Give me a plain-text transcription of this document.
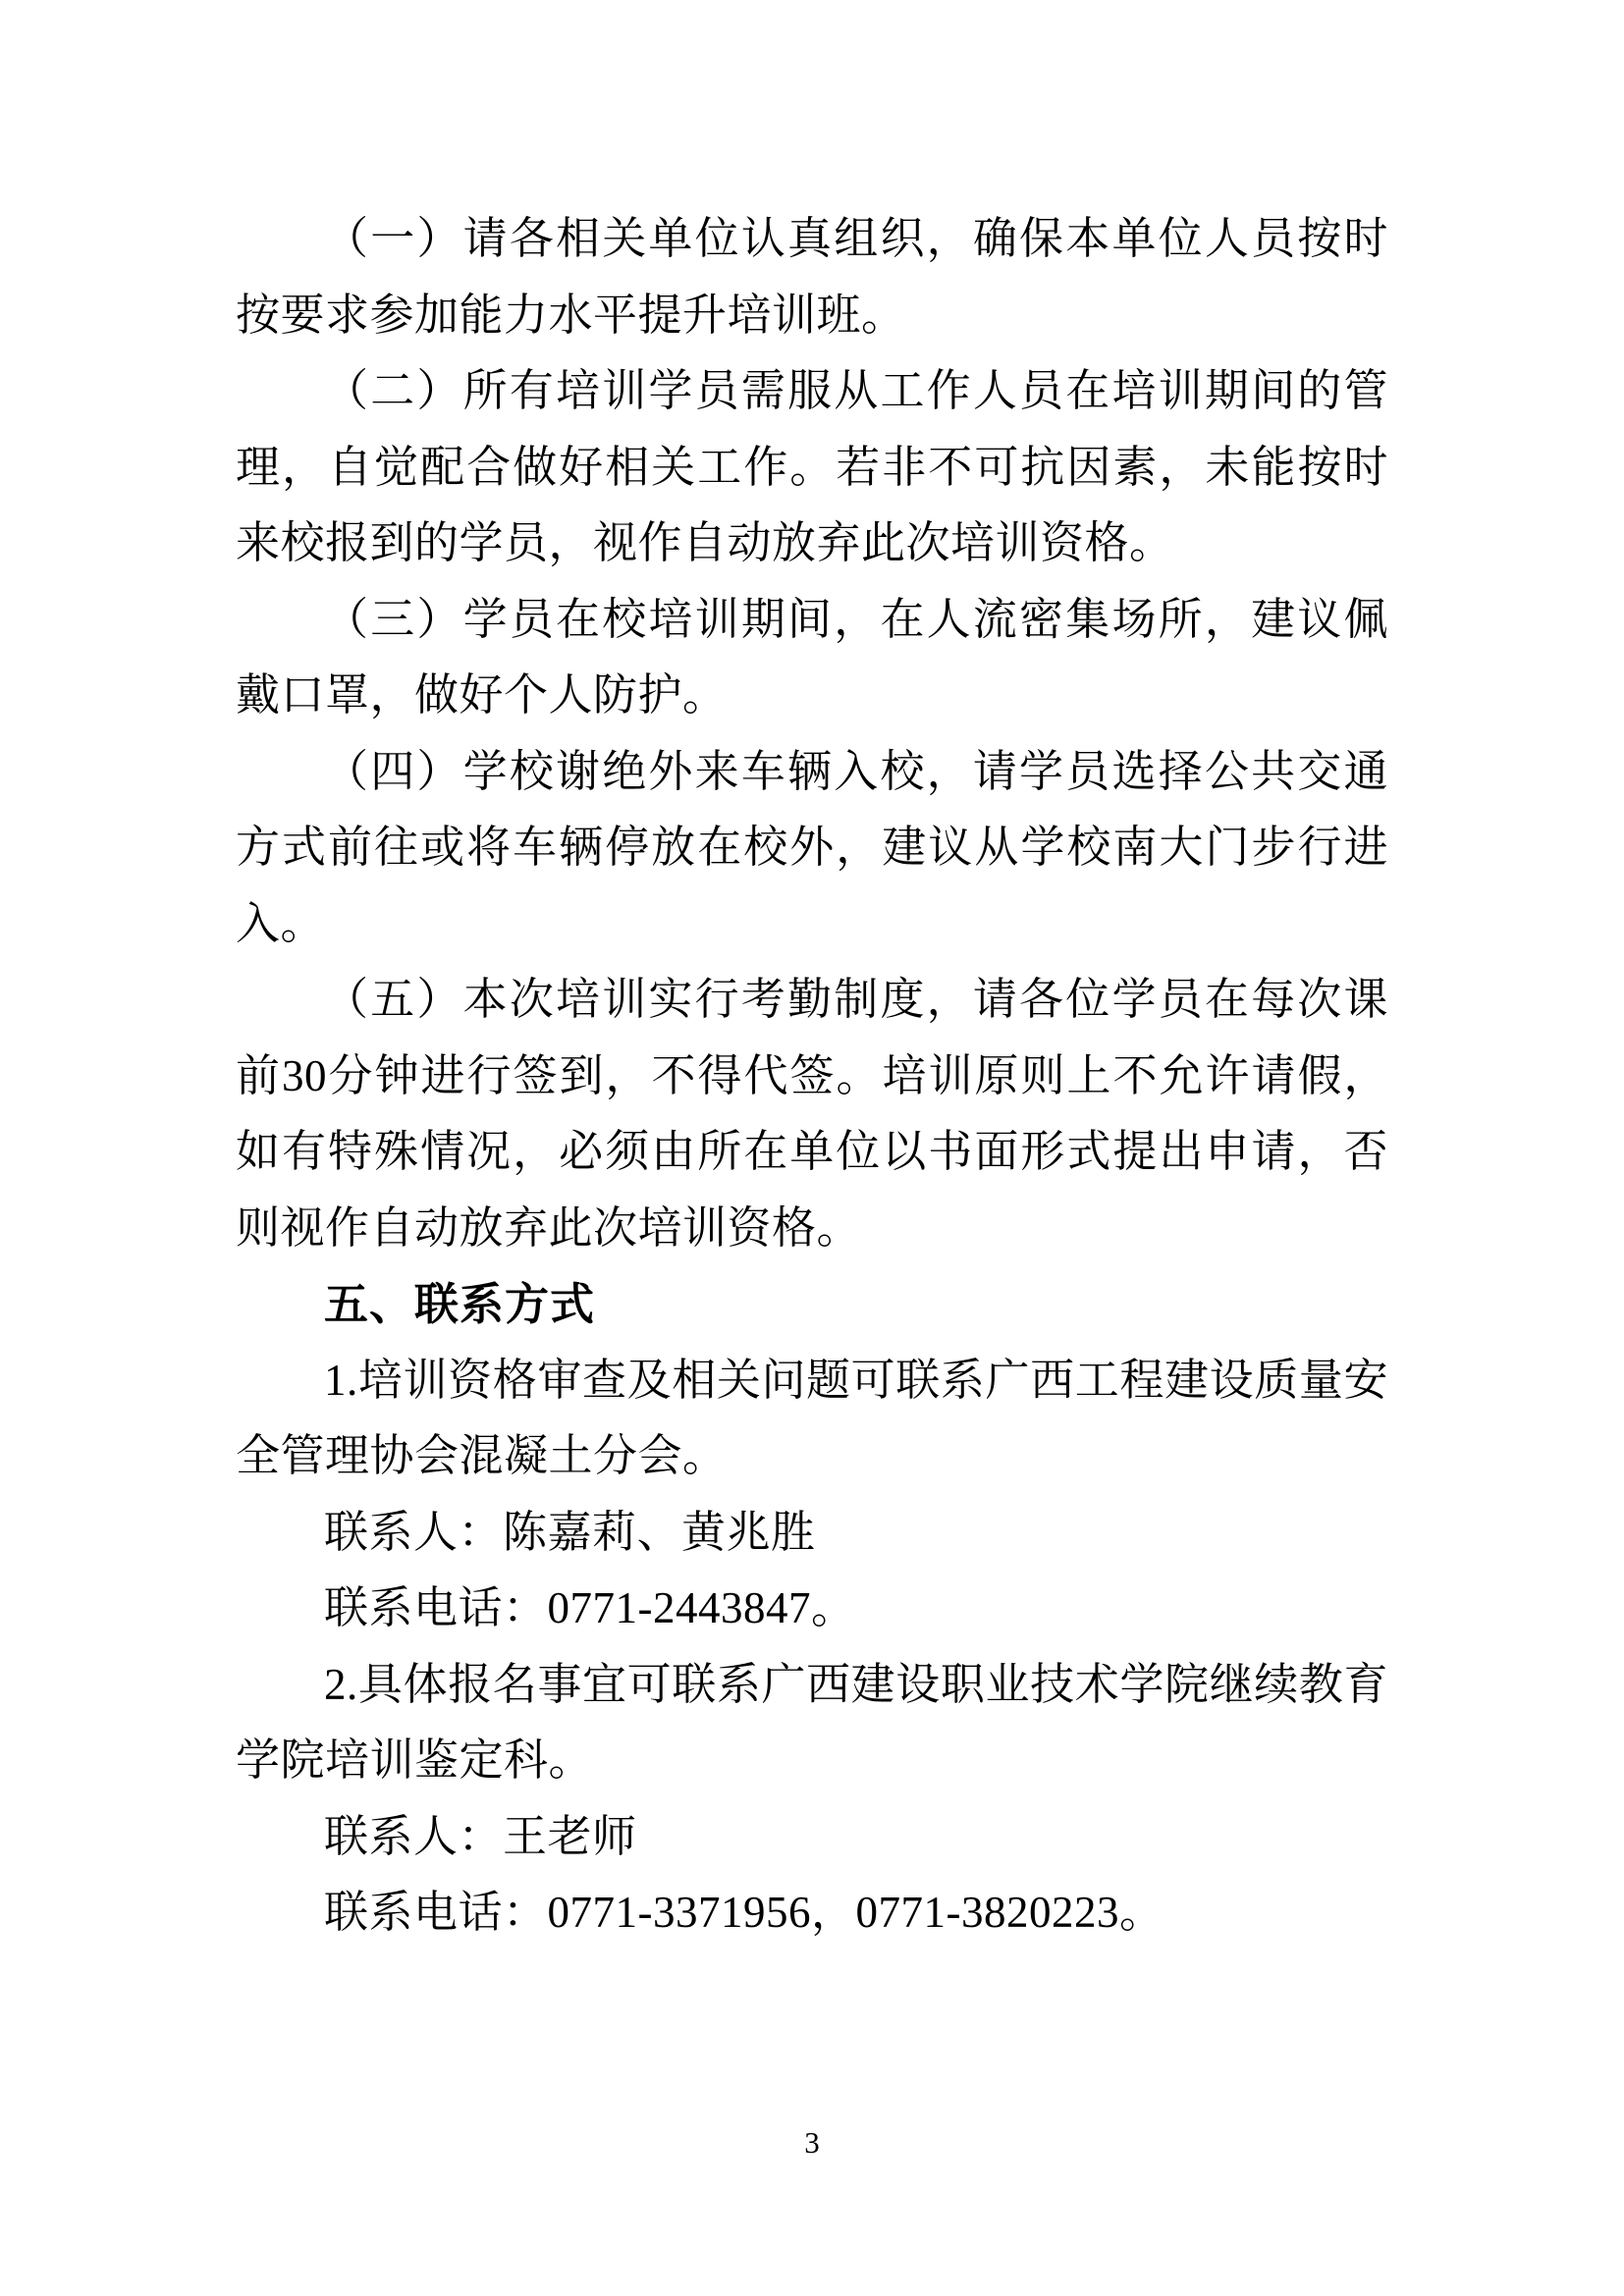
（一）请各相关单位认真组织，确保本单位人员按时按要求参加能力水平提升培训班。

（二）所有培训学员需服从工作人员在培训期间的管理，自觉配合做好相关工作。若非不可抗因素，未能按时来校报到的学员，视作自动放弃此次培训资格。

（三）学员在校培训期间，在人流密集场所，建议佩戴口罩，做好个人防护。

（四）学校谢绝外来车辆入校，请学员选择公共交通方式前往或将车辆停放在校外，建议从学校南大门步行进入。

（五）本次培训实行考勤制度，请各位学员在每次课前30分钟进行签到，不得代签。培训原则上不允许请假，如有特殊情况，必须由所在单位以书面形式提出申请，否则视作自动放弃此次培训资格。

五、联系方式

1.培训资格审查及相关问题可联系广西工程建设质量安全管理协会混凝土分会。

联系人：陈嘉莉、黄兆胜

联系电话：0771-2443847。

2.具体报名事宜可联系广西建设职业技术学院继续教育学院培训鉴定科。

联系人：王老师

联系电话：0771-3371956，0771-3820223。

3
